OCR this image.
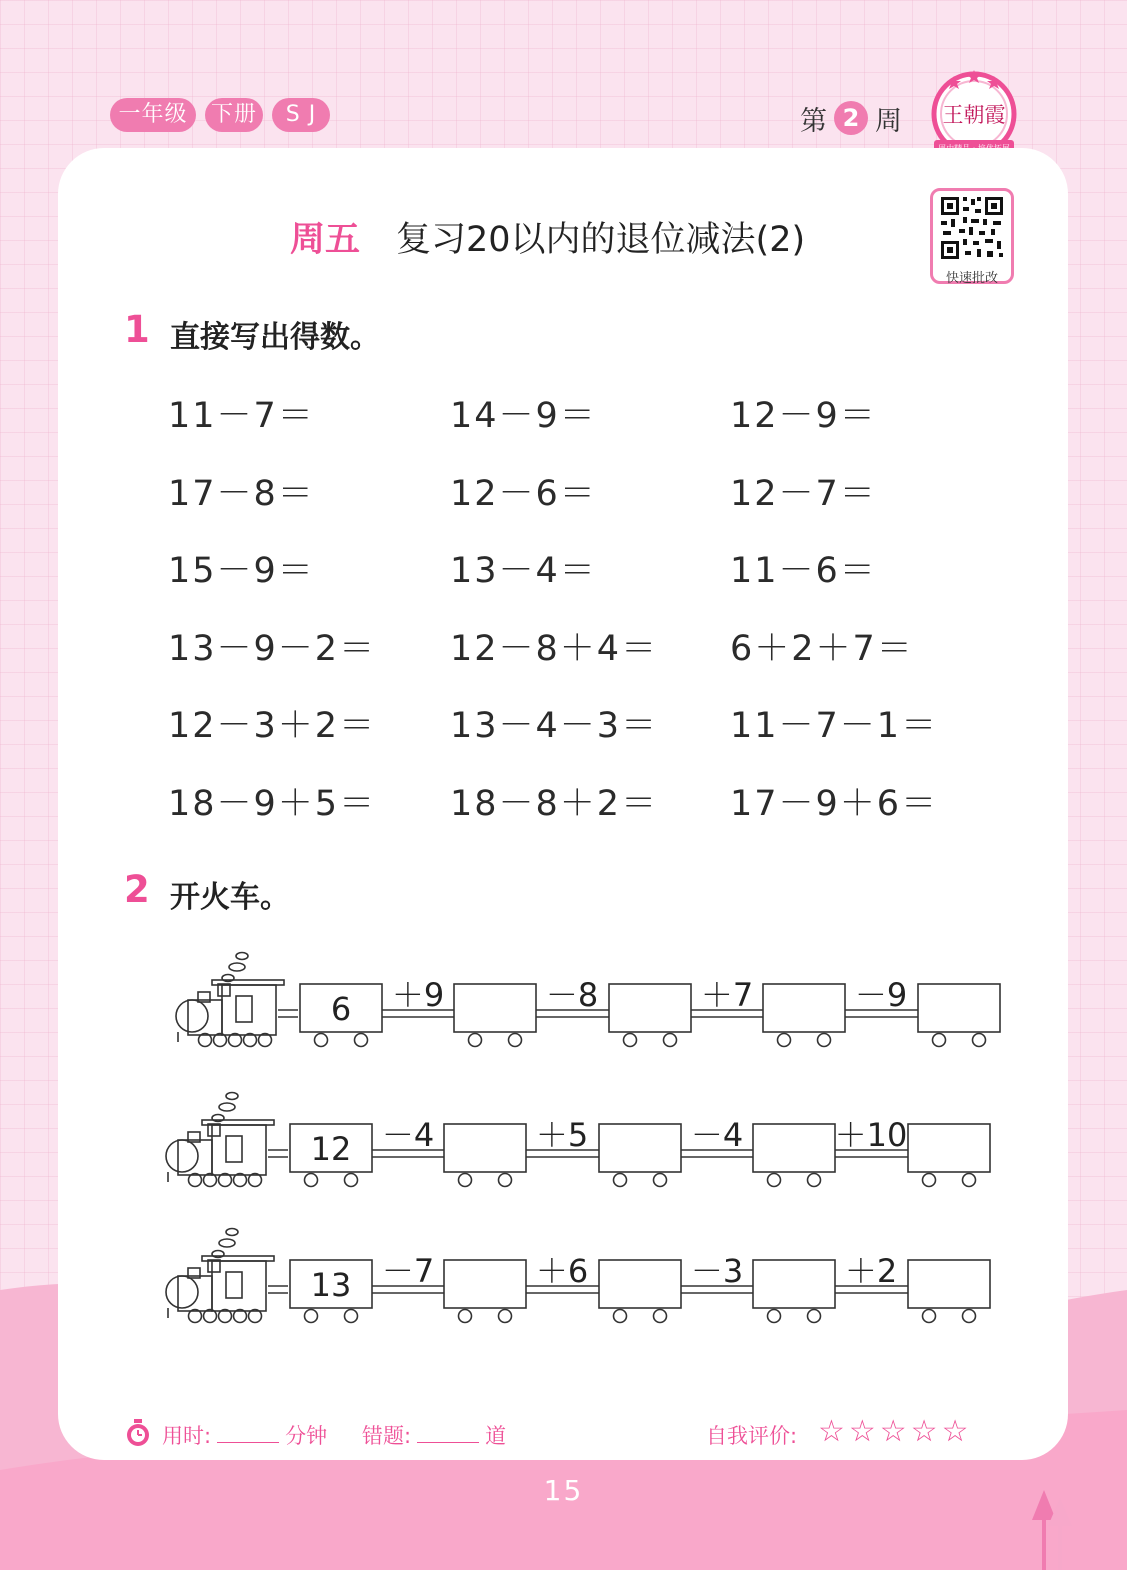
一年级	下册	S J	第 2 周 王朝霞
快速批改
周五 复习20以内的退位减法(2)
1 直接写出得数。
11－7＝	14－9＝	12－9＝
17－8＝	12－6＝	12－7＝
15－9＝	13－4＝	11－6＝
13－9－2＝ 12－8＋4＝ 6＋2＋7＝
12－3＋2＝ 13－4－3＝ 11－7－1＝
18－9＋5＝ 18－8＋2＝ 17－9＋6＝
2 开火车。
6 ＋9	－8	＋7	－9
12 －4	＋5	－4	＋10
13 －7	＋6	－3	＋2
用时:	分钟 错题:	道	自我评价: ☆☆☆☆☆
15
